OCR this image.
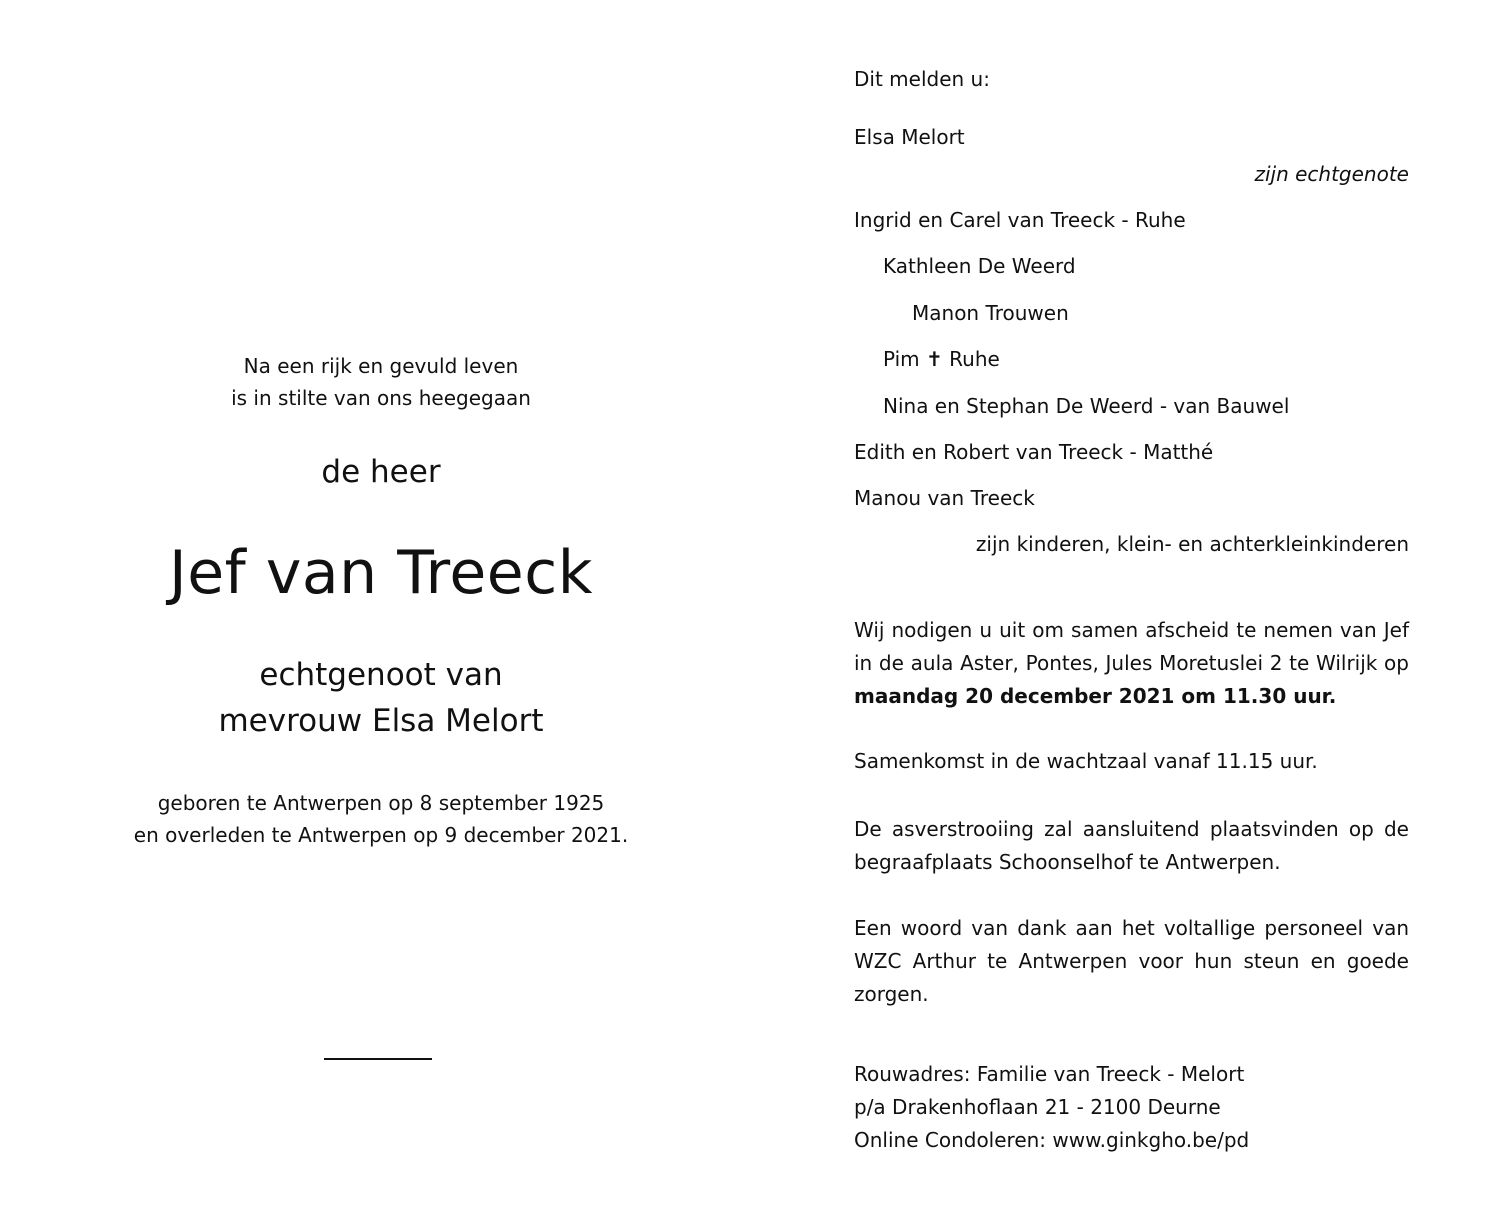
Na een rijk en gevuld leven
is in stilte van ons heegegaan
de heer
Jef van Treeck
echtgenoot van
mevrouw Elsa Melort
geboren te Antwerpen op 8 september 1925
en overleden te Antwerpen op 9 december 2021.
Dit melden u:
Elsa Melort
zijn echtgenote
Ingrid en Carel van Treeck - Ruhe
Kathleen De Weerd
Manon Trouwen
Pim ✝ Ruhe
Nina en Stephan De Weerd - van Bauwel
Edith en Robert van Treeck - Matthé
Manou van Treeck
zijn kinderen, klein- en achterkleinkinderen
Wij nodigen u uit om samen afscheid te nemen van Jef in de aula Aster, Pontes, Jules Moretuslei 2 te Wilrijk op maandag 20 december 2021 om 11.30 uur.
Samenkomst in de wachtzaal vanaf 11.15 uur.
De asverstrooiing zal aansluitend plaatsvinden op de begraafplaats Schoonselhof te Antwerpen.
Een woord van dank aan het voltallige personeel van WZC Arthur te Antwerpen voor hun steun en goede zorgen.
Rouwadres: Familie van Treeck - Melort
p/a Drakenhoflaan 21 - 2100 Deurne
Online Condoleren: www.ginkgho.be/pd
